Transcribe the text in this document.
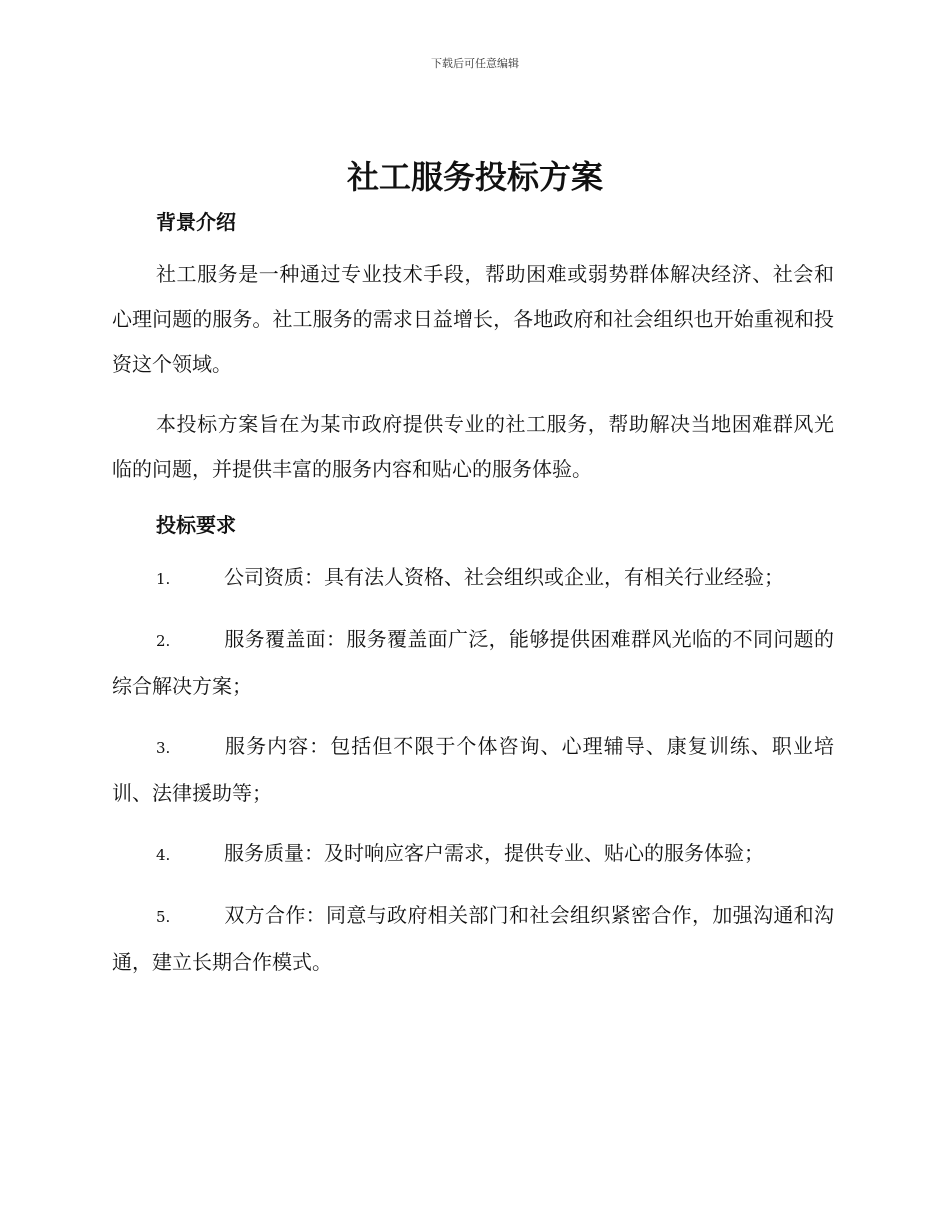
下载后可任意编辑
社工服务投标方案
背景介绍

社工服务是一种通过专业技术手段，帮助困难或弱势群体解决经济、社会和心理问题的服务。社工服务的需求日益增长，各地政府和社会组织也开始重视和投资这个领域。

本投标方案旨在为某市政府提供专业的社工服务，帮助解决当地困难群风光临的问题，并提供丰富的服务内容和贴心的服务体验。

投标要求

1.	公司资质：具有法人资格、社会组织或企业，有相关行业经验；

2.	服务覆盖面：服务覆盖面广泛，能够提供困难群风光临的不同问题的综合解决方案；

3.	服务内容：包括但不限于个体咨询、心理辅导、康复训练、职业培训、法律援助等；

4.	服务质量：及时响应客户需求，提供专业、贴心的服务体验；

5.	双方合作：同意与政府相关部门和社会组织紧密合作，加强沟通和沟通，建立长期合作模式。
